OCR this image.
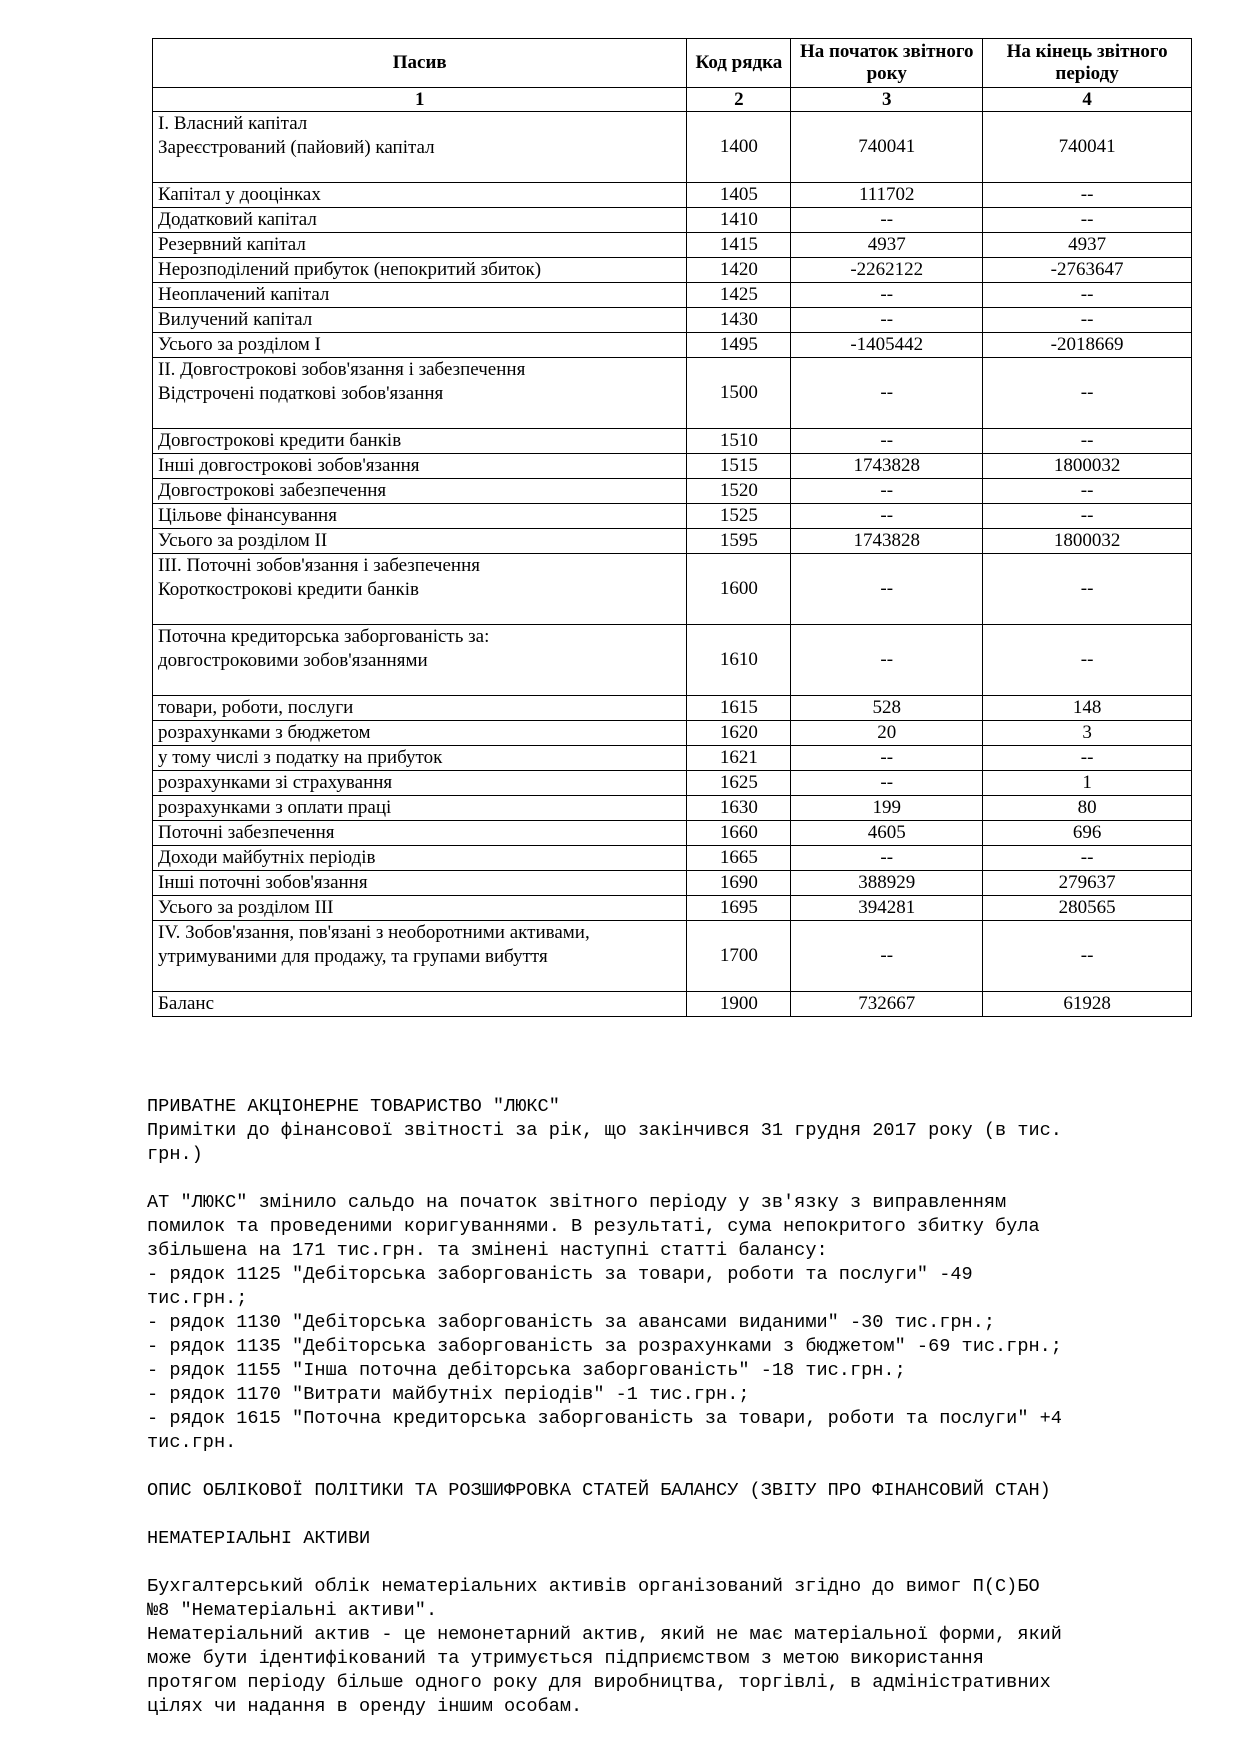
Пасив	Код рядка	На початок звітного року	На кінець звітного періоду
1	2	3	4

I. Власний капітал
Зареєстрований (пайовий) капітал	1400	740041	740041

Капітал у дооцінках	1405	111702	--

Додатковий капітал	1410	--	--

Резервний капітал	1415	4937	4937

Нерозподілений прибуток (непокритий збиток)	1420	-2262122	-2763647

Неоплачений капітал	1425	--	--

Вилучений капітал	1430	--	--

Усього за розділом I	1495	-1405442	-2018669

II. Довгострокові зобов'язання і забезпечення
Відстрочені податкові зобов'язання	1500	--	--

Довгострокові кредити банків	1510	--	--

Інші довгострокові зобов'язання	1515	1743828	1800032

Довгострокові забезпечення	1520	--	--

Цільове фінансування	1525	--	--

Усього за розділом II	1595	1743828	1800032

III. Поточні зобов'язання і забезпечення
Короткострокові кредити банків	1600	--	--

Поточна кредиторська заборгованість за:
довгостроковими зобов'язаннями	1610	--	--

товари, роботи, послуги	1615	528	148

розрахунками з бюджетом	1620	20	3

у тому числі з податку на прибуток	1621	--	--

розрахунками зі страхування	1625	--	1

розрахунками з оплати праці	1630	199	80

Поточні забезпечення	1660	4605	696

Доходи майбутніх періодів	1665	--	--

Інші поточні зобов'язання	1690	388929	279637

Усього за розділом III	1695	394281	280565

IV. Зобов'язання, пов'язані з необоротними активами,
утримуваними для продажу, та групами вибуття	1700	--	--

Баланс	1900	732667	61928

ПРИВАТНЕ АКЦІОНЕРНЕ ТОВАРИСТВО "ЛЮКС"

Примітки до фінансової звітності за рік, що закінчився 31 грудня 2017 року (в тис.

грн.)

АТ "ЛЮКС" змінило сальдо на початок звітного періоду у зв'язку з виправленням

помилок та проведеними коригуваннями. В результаті, сума непокритого збитку була

збільшена на 171 тис.грн. та змінені наступні статті балансу:

- рядок 1125 "Дебіторська заборгованість за товари, роботи та послуги" -49

тис.грн.;

- рядок 1130 "Дебіторська заборгованість за авансами виданими" -30 тис.грн.;

- рядок 1135 "Дебіторська заборгованість за розрахунками з бюджетом" -69 тис.грн.;

- рядок 1155 "Інша поточна дебіторська заборгованість" -18 тис.грн.;

- рядок 1170 "Витрати майбутніх періодів" -1 тис.грн.;

- рядок 1615 "Поточна кредиторська заборгованість за товари, роботи та послуги" +4

тис.грн.

ОПИС ОБЛІКОВОЇ ПОЛІТИКИ ТА РОЗШИФРОВКА СТАТЕЙ БАЛАНСУ (ЗВІТУ ПРО ФІНАНСОВИЙ СТАН)

НЕМАТЕРІАЛЬНІ АКТИВИ

Бухгалтерський облік нематеріальних активів організований згідно до вимог П(С)БО

№8 "Нематеріальні активи".

Нематеріальний актив - це немонетарний актив, який не має матеріальної форми, який

може бути ідентифікований та утримується підприємством з метою використання

протягом періоду більше одного року для виробництва, торгівлі, в адміністративних

цілях чи надання в оренду іншим особам.
